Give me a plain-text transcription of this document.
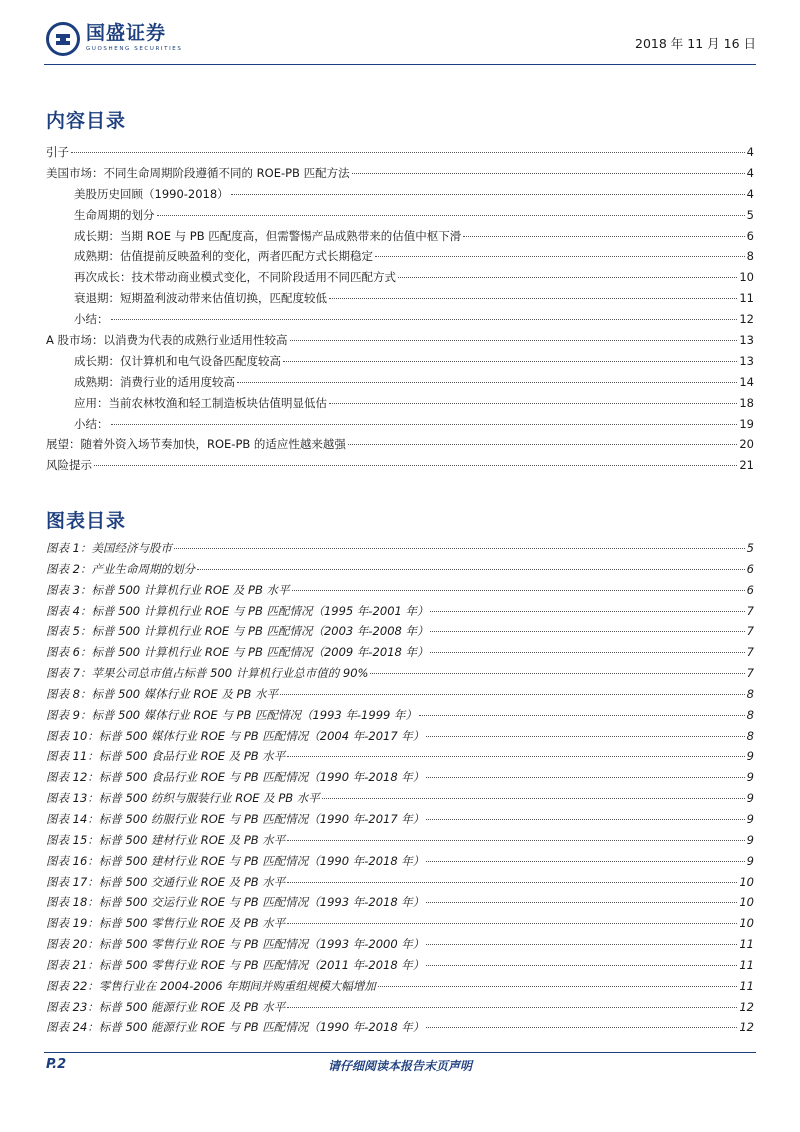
国盛证券
GUOSHENG SECURITIES	2018 年 11 月 16 日
内容目录
引子	4
美国市场：不同生命周期阶段遵循不同的 ROE-PB 匹配方法	4
美股历史回顾（1990-2018）	4
生命周期的划分	5
成长期：当期 ROE 与 PB 匹配度高，但需警惕产品成熟带来的估值中枢下滑	6
成熟期：估值提前反映盈利的变化，两者匹配方式长期稳定	8
再次成长：技术带动商业模式变化，不同阶段适用不同匹配方式	10
衰退期：短期盈利波动带来估值切换，匹配度较低	11
小结：	12
A 股市场：以消费为代表的成熟行业适用性较高	13
成长期：仅计算机和电气设备匹配度较高	13
成熟期：消费行业的适用度较高	14
应用：当前农林牧渔和轻工制造板块估值明显低估	18
小结：	19
展望：随着外资入场节奏加快，ROE-PB 的适应性越来越强	20
风险提示	21
图表目录
图表 1：美国经济与股市	5
图表 2：产业生命周期的划分	6
图表 3：标普 500 计算机行业 ROE 及 PB 水平	6
图表 4：标普 500 计算机行业 ROE 与 PB 匹配情况（1995 年-2001 年）	7
图表 5：标普 500 计算机行业 ROE 与 PB 匹配情况（2003 年-2008 年）	7
图表 6：标普 500 计算机行业 ROE 与 PB 匹配情况（2009 年-2018 年）	7
图表 7：苹果公司总市值占标普 500 计算机行业总市值的 90%	7
图表 8：标普 500 媒体行业 ROE 及 PB 水平	8
图表 9：标普 500 媒体行业 ROE 与 PB 匹配情况（1993 年-1999 年）	8
图表 10：标普 500 媒体行业 ROE 与 PB 匹配情况（2004 年-2017 年）	8
图表 11：标普 500 食品行业 ROE 及 PB 水平	9
图表 12：标普 500 食品行业 ROE 与 PB 匹配情况（1990 年-2018 年）	9
图表 13：标普 500 纺织与服装行业 ROE 及 PB 水平	9
图表 14：标普 500 纺服行业 ROE 与 PB 匹配情况（1990 年-2017 年）	9
图表 15：标普 500 建材行业 ROE 及 PB 水平	9
图表 16：标普 500 建材行业 ROE 与 PB 匹配情况（1990 年-2018 年）	9
图表 17：标普 500 交通行业 ROE 及 PB 水平	10
图表 18：标普 500 交运行业 ROE 与 PB 匹配情况（1993 年-2018 年）	10
图表 19：标普 500 零售行业 ROE 及 PB 水平	10
图表 20：标普 500 零售行业 ROE 与 PB 匹配情况（1993 年-2000 年）	11
图表 21：标普 500 零售行业 ROE 与 PB 匹配情况（2011 年-2018 年）	11
图表 22：零售行业在 2004-2006 年期间并购重组规模大幅增加	11
图表 23：标普 500 能源行业 ROE 及 PB 水平	12
图表 24：标普 500 能源行业 ROE 与 PB 匹配情况（1990 年-2018 年）	12
请仔细阅读本报告末页声明
P.2
